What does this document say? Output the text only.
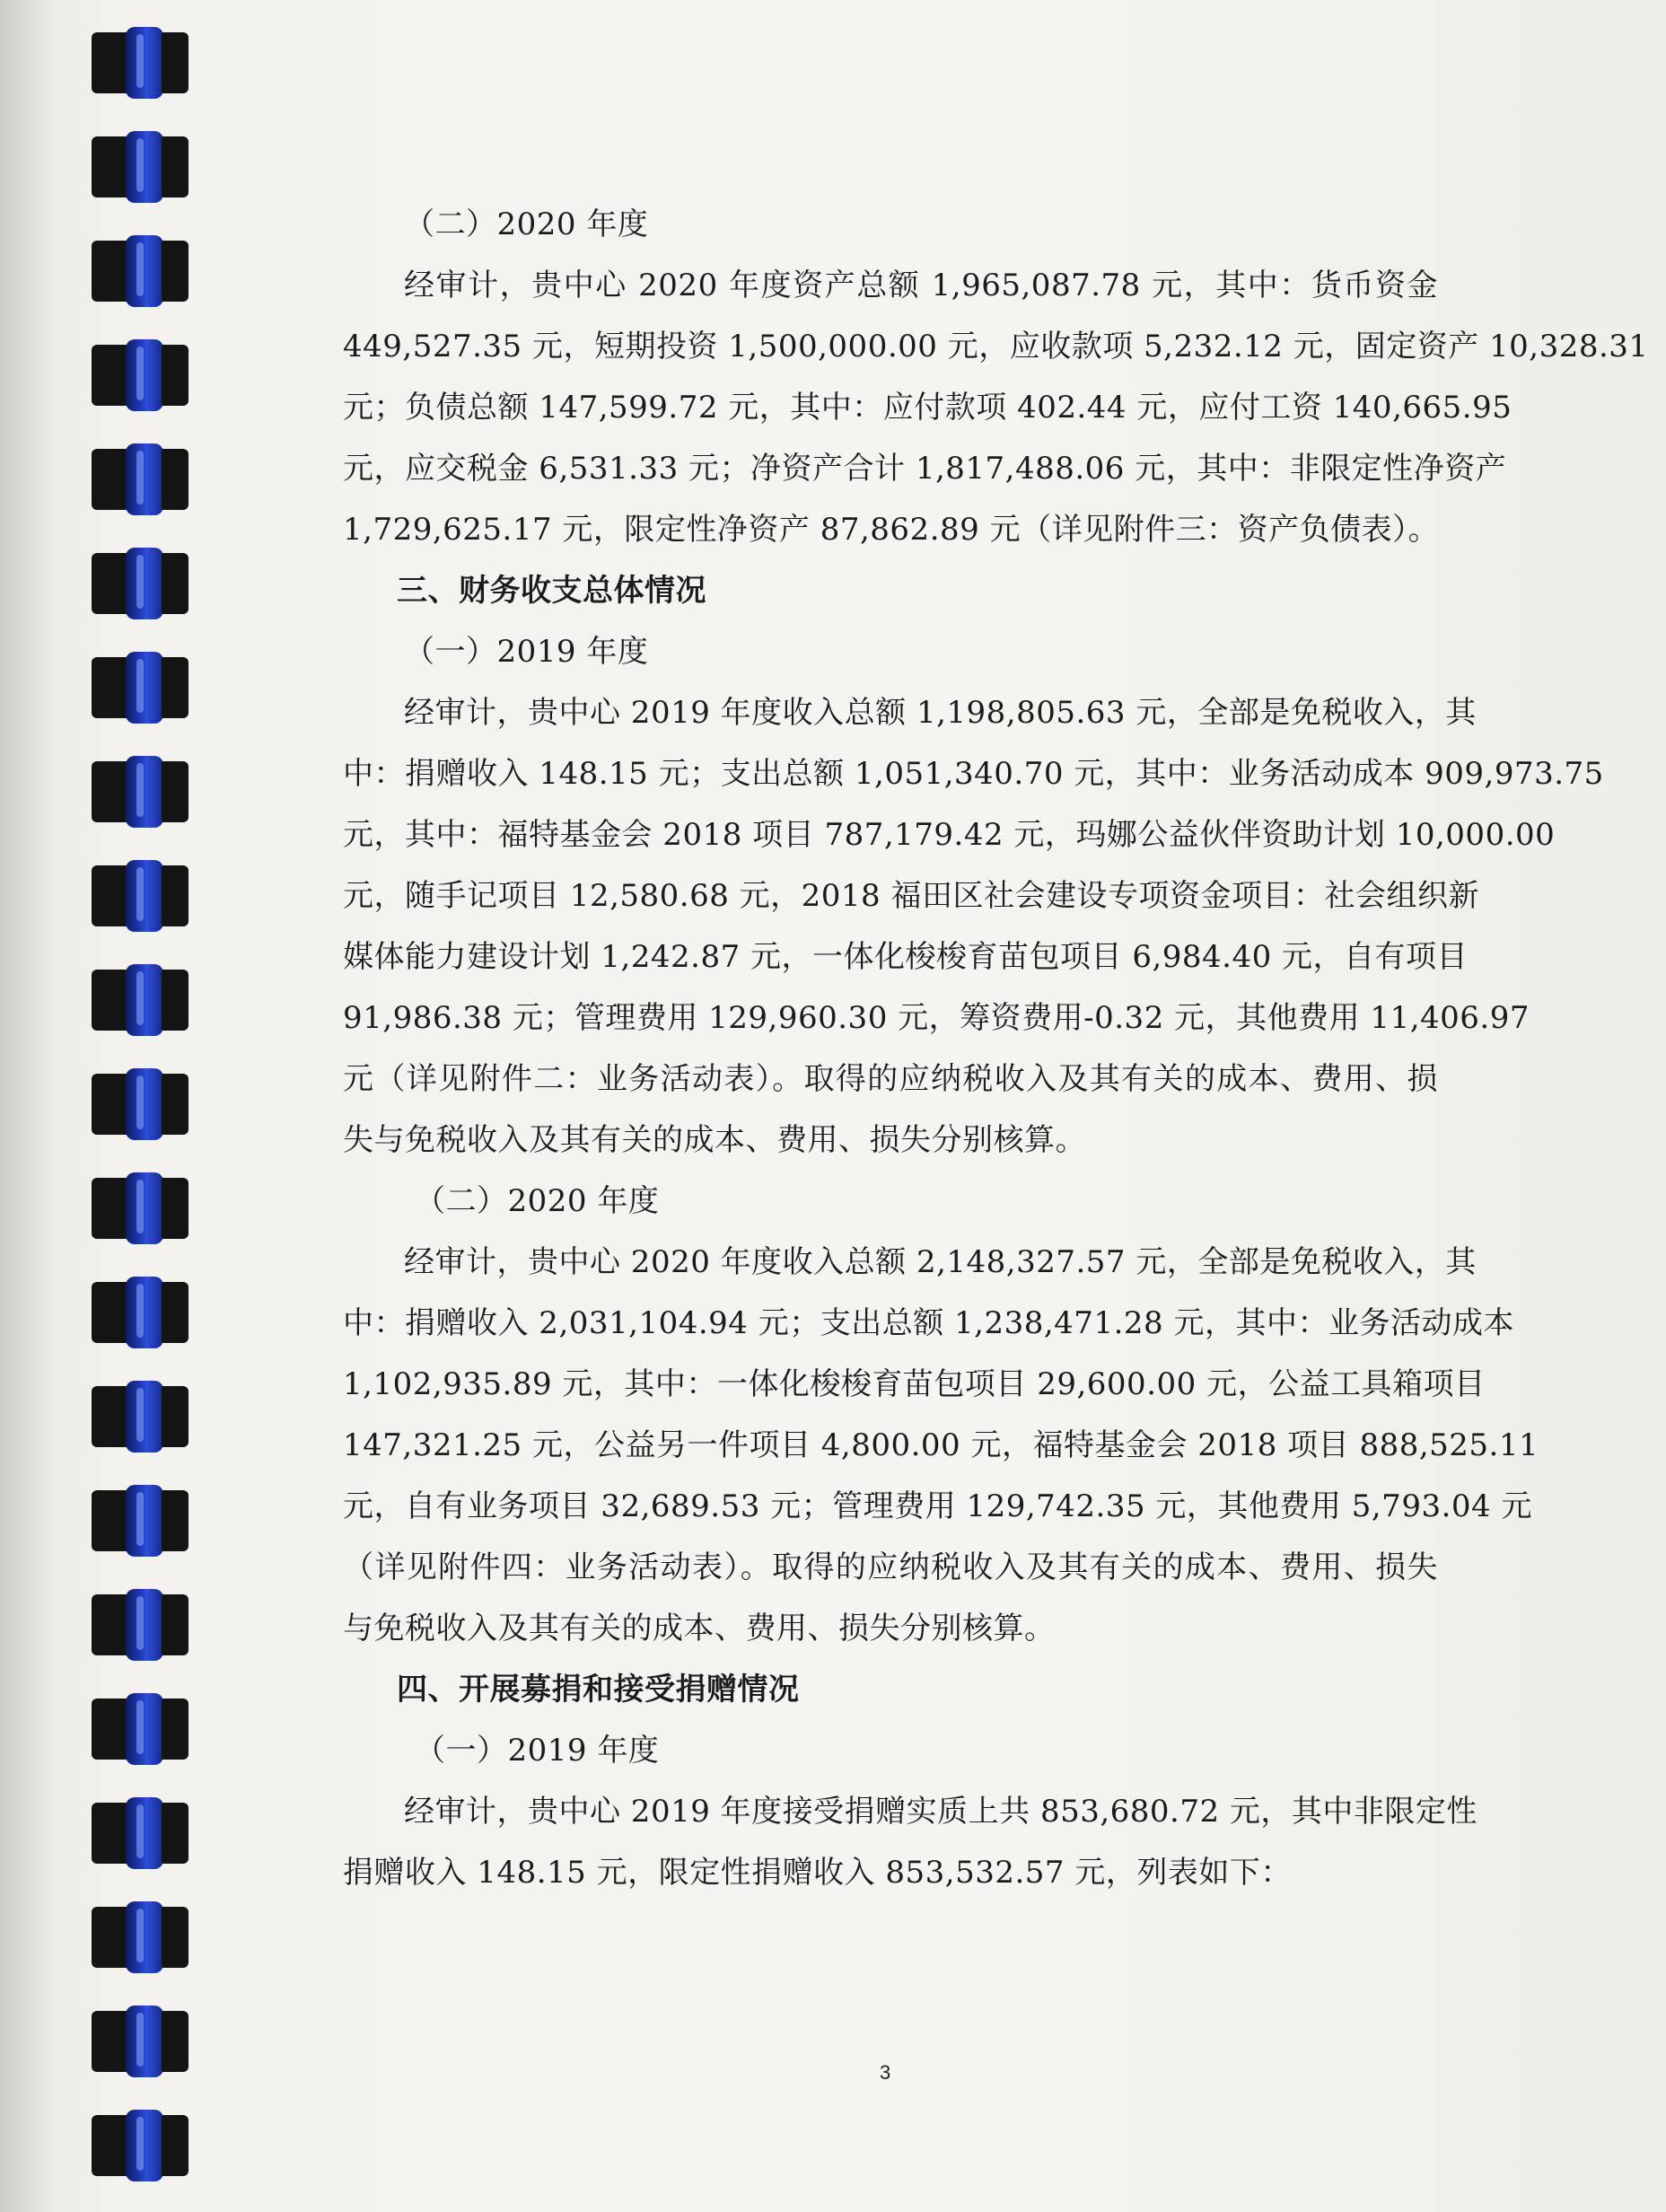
（二）2020 年度
经审计，贵中心 2020 年度资产总额 1,965,087.78 元，其中：货币资金
449,527.35 元，短期投资 1,500,000.00 元，应收款项 5,232.12 元，固定资产 10,328.31
元；负债总额 147,599.72 元，其中：应付款项 402.44 元，应付工资 140,665.95
元，应交税金 6,531.33 元；净资产合计 1,817,488.06 元，其中：非限定性净资产
1,729,625.17 元，限定性净资产 87,862.89 元（详见附件三：资产负债表）。
三、财务收支总体情况
（一）2019 年度
经审计，贵中心 2019 年度收入总额 1,198,805.63 元，全部是免税收入，其
中：捐赠收入 148.15 元；支出总额 1,051,340.70 元，其中：业务活动成本 909,973.75
元，其中：福特基金会 2018 项目 787,179.42 元，玛娜公益伙伴资助计划 10,000.00
元，随手记项目 12,580.68 元，2018 福田区社会建设专项资金项目：社会组织新
媒体能力建设计划 1,242.87 元，一体化梭梭育苗包项目 6,984.40 元，自有项目
91,986.38 元；管理费用 129,960.30 元，筹资费用-0.32 元，其他费用 11,406.97
元（详见附件二：业务活动表）。取得的应纳税收入及其有关的成本、费用、损
失与免税收入及其有关的成本、费用、损失分别核算。
（二）2020 年度
经审计，贵中心 2020 年度收入总额 2,148,327.57 元，全部是免税收入，其
中：捐赠收入 2,031,104.94 元；支出总额 1,238,471.28 元，其中：业务活动成本
1,102,935.89 元，其中：一体化梭梭育苗包项目 29,600.00 元，公益工具箱项目
147,321.25 元，公益另一件项目 4,800.00 元，福特基金会 2018 项目 888,525.11
元，自有业务项目 32,689.53 元；管理费用 129,742.35 元，其他费用 5,793.04 元
（详见附件四：业务活动表）。取得的应纳税收入及其有关的成本、费用、损失
与免税收入及其有关的成本、费用、损失分别核算。
四、开展募捐和接受捐赠情况
（一）2019 年度
经审计，贵中心 2019 年度接受捐赠实质上共 853,680.72 元，其中非限定性
捐赠收入 148.15 元，限定性捐赠收入 853,532.57 元，列表如下：
3
